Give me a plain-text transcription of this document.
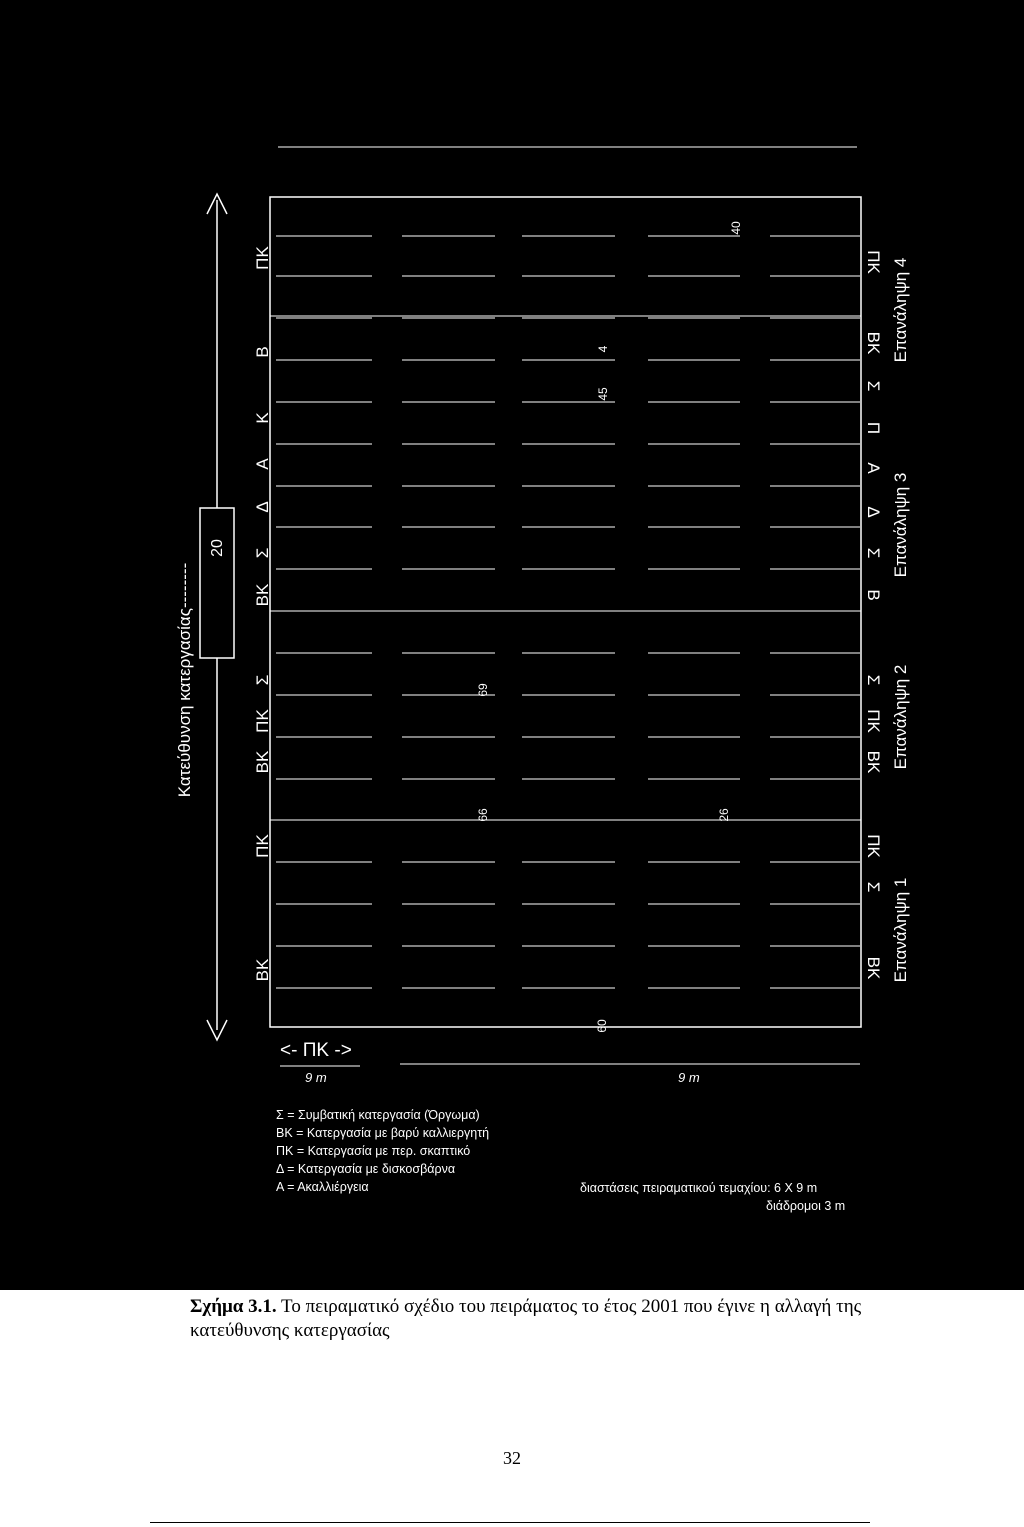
20
Κατεύθυνση κατεργασίας--------
ΠΚ
Β
Κ
Α
Δ
Σ
ΒΚ
Σ
ΠΚ
ΒΚ
ΠΚ
ΒΚ
ΠΚ
ΒΚ
Σ
Π
Α
Δ
Σ
Β
Σ
ΠΚ
ΒΚ
ΠΚ
Σ
ΒΚ
Επανάληψη 4
Επανάληψη 3
Επανάληψη 2
Επανάληψη 1
40
4
45
69
66	26
60
<- ΠΚ ->
9 m	9 m
Σ = Συμβατική κατεργασία (Όργωμα)
ΒΚ = Κατεργασία με βαρύ καλλιεργητή
ΠΚ = Κατεργασία με περ. σκαπτικό
Δ = Κατεργασία με δισκοσβάρνα
Α = Ακαλλιέργεια	διαστάσεις πειραματικού τεμαχίου: 6 Χ 9 m
διάδρομοι 3 m
Σχήμα 3.1. Το πειραματικό σχέδιο του πειράματος το έτος 2001 που έγινε η αλλαγή της κατεύθυνσης κατεργασίας
32
